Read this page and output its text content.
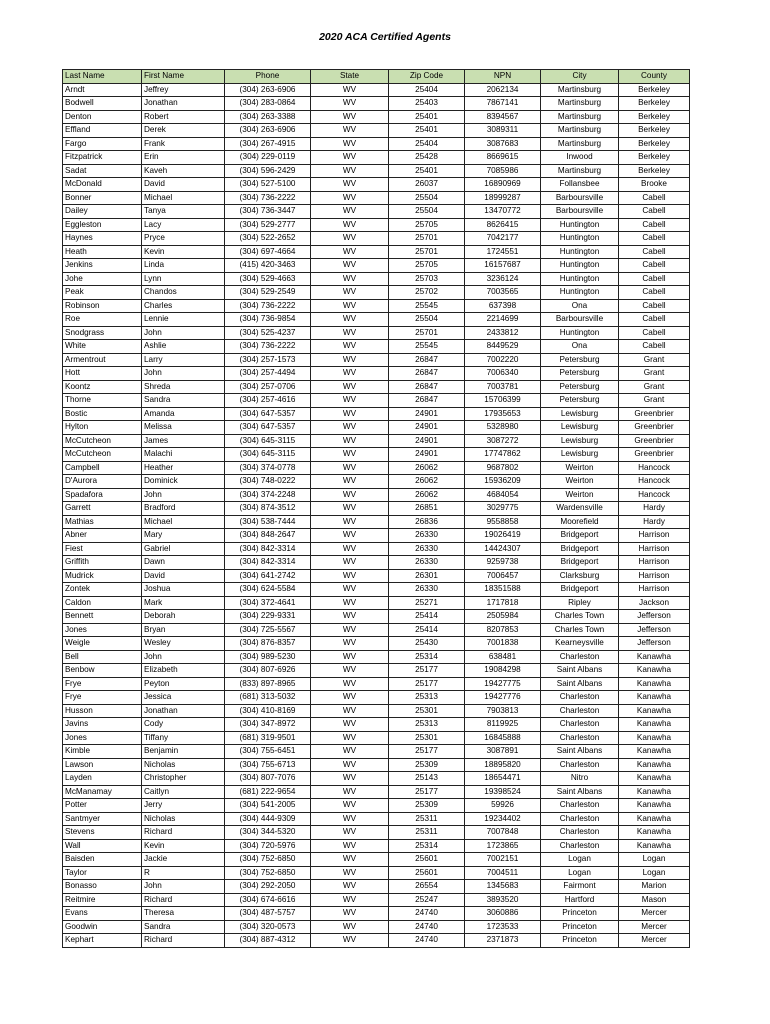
2020 ACA Certified Agents
Last Name	First Name	Phone	State	Zip Code	NPN	City	County
Arndt	Jeffrey	(304) 263-6906	WV	25404	2062134	Martinsburg	Berkeley
Bodwell	Jonathan	(304) 283-0864	WV	25403	7867141	Martinsburg	Berkeley
Denton	Robert	(304) 263-3388	WV	25401	8394567	Martinsburg	Berkeley
Effland	Derek	(304) 263-6906	WV	25401	3089311	Martinsburg	Berkeley
Fargo	Frank	(304) 267-4915	WV	25404	3087683	Martinsburg	Berkeley
Fitzpatrick	Erin	(304) 229-0119	WV	25428	8669615	Inwood	Berkeley
Sadat	Kaveh	(304) 596-2429	WV	25401	7085986	Martinsburg	Berkeley
McDonald	David	(304) 527-5100	WV	26037	16890969	Follansbee	Brooke
Bonner	Michael	(304) 736-2222	WV	25504	18999287	Barboursville	Cabell
Dailey	Tanya	(304) 736-3447	WV	25504	13470772	Barboursville	Cabell
Eggleston	Lacy	(304) 529-2777	WV	25705	8626415	Huntington	Cabell
Haynes	Pryce	(304) 522-2652	WV	25701	7042177	Huntington	Cabell
Heath	Kevin	(304) 697-4664	WV	25701	1724551	Huntington	Cabell
Jenkins	Linda	(415) 420-3463	WV	25705	16157687	Huntington	Cabell
Johe	Lynn	(304) 529-4663	WV	25703	3236124	Huntington	Cabell
Peak	Chandos	(304) 529-2549	WV	25702	7003565	Huntington	Cabell
Robinson	Charles	(304) 736-2222	WV	25545	637398	Ona	Cabell
Roe	Lennie	(304) 736-9854	WV	25504	2214699	Barboursville	Cabell
Snodgrass	John	(304) 525-4237	WV	25701	2433812	Huntington	Cabell
White	Ashlie	(304) 736-2222	WV	25545	8449529	Ona	Cabell
Armentrout	Larry	(304) 257-1573	WV	26847	7002220	Petersburg	Grant
Hott	John	(304) 257-4494	WV	26847	7006340	Petersburg	Grant
Koontz	Shreda	(304) 257-0706	WV	26847	7003781	Petersburg	Grant
Thorne	Sandra	(304) 257-4616	WV	26847	15706399	Petersburg	Grant
Bostic	Amanda	(304) 647-5357	WV	24901	17935653	Lewisburg	Greenbrier
Hylton	Melissa	(304) 647-5357	WV	24901	5328980	Lewisburg	Greenbrier
McCutcheon	James	(304) 645-3115	WV	24901	3087272	Lewisburg	Greenbrier
McCutcheon	Malachi	(304) 645-3115	WV	24901	17747862	Lewisburg	Greenbrier
Campbell	Heather	(304) 374-0778	WV	26062	9687802	Weirton	Hancock
D'Aurora	Dominick	(304) 748-0222	WV	26062	15936209	Weirton	Hancock
Spadafora	John	(304) 374-2248	WV	26062	4684054	Weirton	Hancock
Garrett	Bradford	(304) 874-3512	WV	26851	3029775	Wardensville	Hardy
Mathias	Michael	(304) 538-7444	WV	26836	9558858	Moorefield	Hardy
Abner	Mary	(304) 848-2647	WV	26330	19026419	Bridgeport	Harrison
Fiest	Gabriel	(304) 842-3314	WV	26330	14424307	Bridgeport	Harrison
Griffith	Dawn	(304) 842-3314	WV	26330	9259738	Bridgeport	Harrison
Mudrick	David	(304) 641-2742	WV	26301	7006457	Clarksburg	Harrison
Zontek	Joshua	(304) 624-5584	WV	26330	18351588	Bridgeport	Harrison
Caldon	Mark	(304) 372-4641	WV	25271	1717818	Ripley	Jackson
Bennett	Deborah	(304) 229-9331	WV	25414	2505984	Charles Town	Jefferson
Jones	Bryan	(304) 725-5567	WV	25414	8207853	Charles Town	Jefferson
Weigle	Wesley	(304) 876-8357	WV	25430	7001838	Kearneysville	Jefferson
Bell	John	(304) 989-5230	WV	25314	638481	Charleston	Kanawha
Benbow	Elizabeth	(304) 807-6926	WV	25177	19084298	Saint Albans	Kanawha
Frye	Peyton	(833) 897-8965	WV	25177	19427775	Saint Albans	Kanawha
Frye	Jessica	(681) 313-5032	WV	25313	19427776	Charleston	Kanawha
Husson	Jonathan	(304) 410-8169	WV	25301	7903813	Charleston	Kanawha
Javins	Cody	(304) 347-8972	WV	25313	8119925	Charleston	Kanawha
Jones	Tiffany	(681) 319-9501	WV	25301	16845888	Charleston	Kanawha
Kimble	Benjamin	(304) 755-6451	WV	25177	3087891	Saint Albans	Kanawha
Lawson	Nicholas	(304) 755-6713	WV	25309	18895820	Charleston	Kanawha
Layden	Christopher	(304) 807-7076	WV	25143	18654471	Nitro	Kanawha
McManamay	Caitlyn	(681) 222-9654	WV	25177	19398524	Saint Albans	Kanawha
Potter	Jerry	(304) 541-2005	WV	25309	59926	Charleston	Kanawha
Santmyer	Nicholas	(304) 444-9309	WV	25311	19234402	Charleston	Kanawha
Stevens	Richard	(304) 344-5320	WV	25311	7007848	Charleston	Kanawha
Wall	Kevin	(304) 720-5976	WV	25314	1723865	Charleston	Kanawha
Baisden	Jackie	(304) 752-6850	WV	25601	7002151	Logan	Logan
Taylor	R	(304) 752-6850	WV	25601	7004511	Logan	Logan
Bonasso	John	(304) 292-2050	WV	26554	1345683	Fairmont	Marion
Reitmire	Richard	(304) 674-6616	WV	25247	3893520	Hartford	Mason
Evans	Theresa	(304) 487-5757	WV	24740	3060886	Princeton	Mercer
Goodwin	Sandra	(304) 320-0573	WV	24740	1723533	Princeton	Mercer
Kephart	Richard	(304) 887-4312	WV	24740	2371873	Princeton	Mercer
